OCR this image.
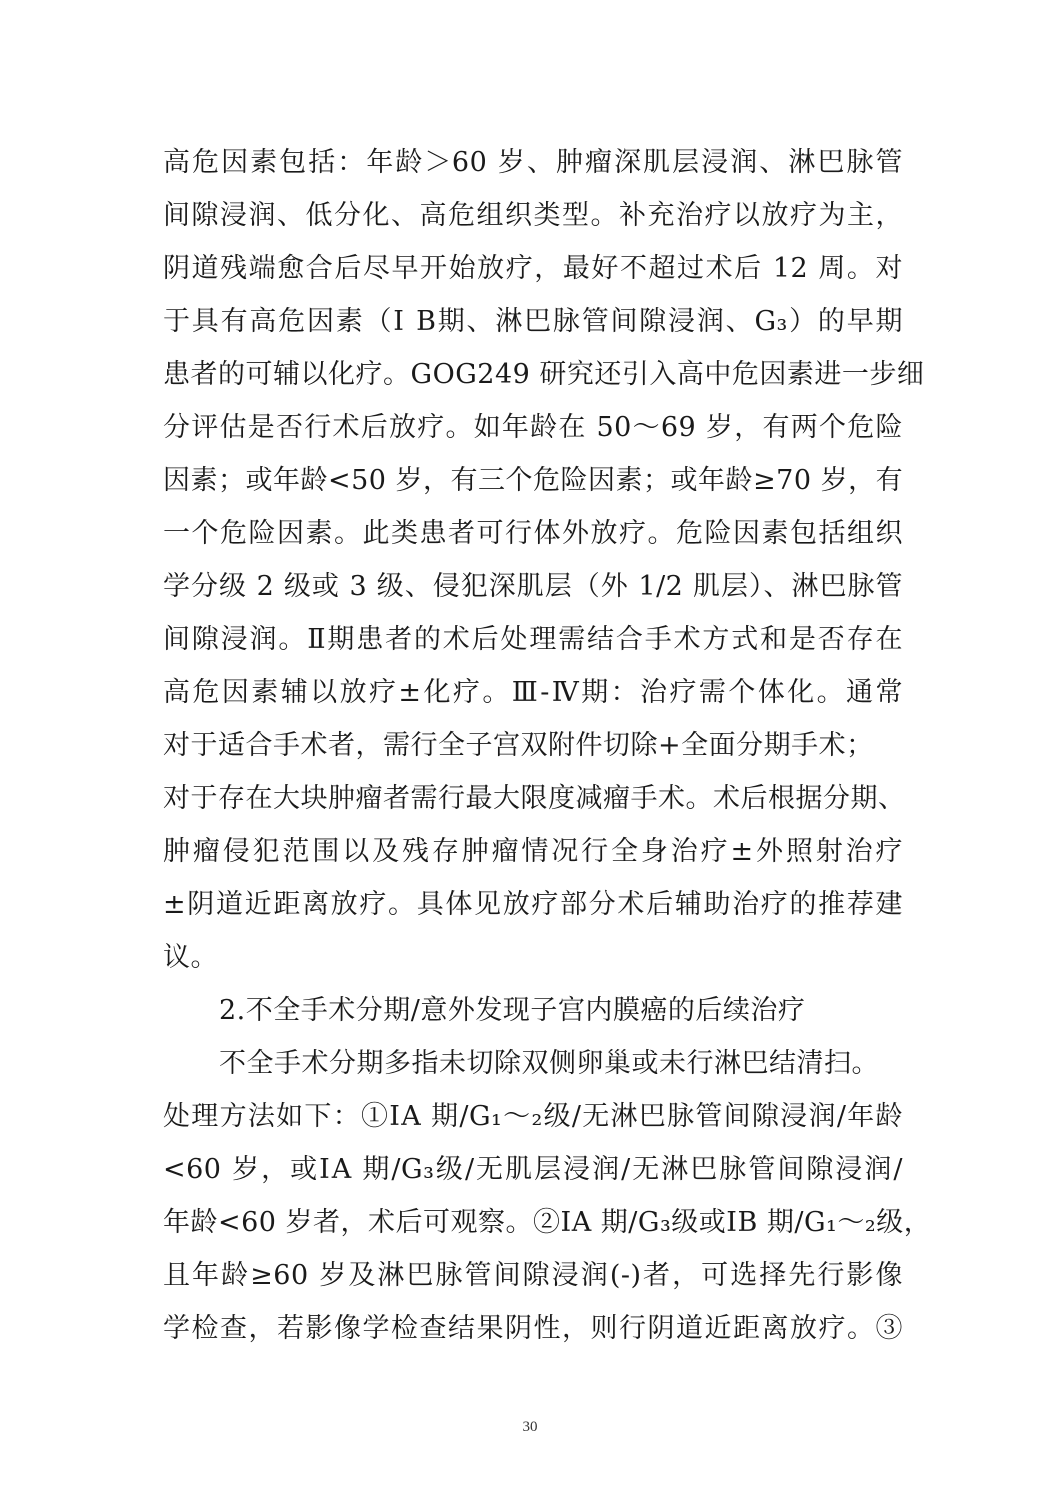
高危因素包括：年龄＞60 岁、肿瘤深肌层浸润、淋巴脉管
间隙浸润、低分化、高危组织类型。补充治疗以放疗为主，
阴道残端愈合后尽早开始放疗，最好不超过术后 12 周。对
于具有高危因素（Ⅰ B期、淋巴脉管间隙浸润、G₃）的早期
患者的可辅以化疗。GOG249 研究还引入高中危因素进一步细
分评估是否行术后放疗。如年龄在 50～69 岁，有两个危险
因素；或年龄<50 岁，有三个危险因素；或年龄≥70 岁，有
一个危险因素。此类患者可行体外放疗。危险因素包括组织
学分级 2 级或 3 级、侵犯深肌层（外 1/2 肌层）、淋巴脉管
间隙浸润。Ⅱ期患者的术后处理需结合手术方式和是否存在
高危因素辅以放疗±化疗。Ⅲ-Ⅳ期：治疗需个体化。通常
对于适合手术者，需行全子宫双附件切除+全面分期手术；
对于存在大块肿瘤者需行最大限度减瘤手术。术后根据分期、
肿瘤侵犯范围以及残存肿瘤情况行全身治疗±外照射治疗
±阴道近距离放疗。具体见放疗部分术后辅助治疗的推荐建
议。
2.不全手术分期/意外发现子宫内膜癌的后续治疗
不全手术分期多指未切除双侧卵巢或未行淋巴结清扫。
处理方法如下：①ⅠA 期/G₁～₂级/无淋巴脉管间隙浸润/年龄
<60 岁，或ⅠA 期/G₃级/无肌层浸润/无淋巴脉管间隙浸润/
年龄<60 岁者，术后可观察。②ⅠA 期/G₃级或ⅠB 期/G₁～₂级，
且年龄≥60 岁及淋巴脉管间隙浸润(-)者，可选择先行影像
学检查，若影像学检查结果阴性，则行阴道近距离放疗。③
30
